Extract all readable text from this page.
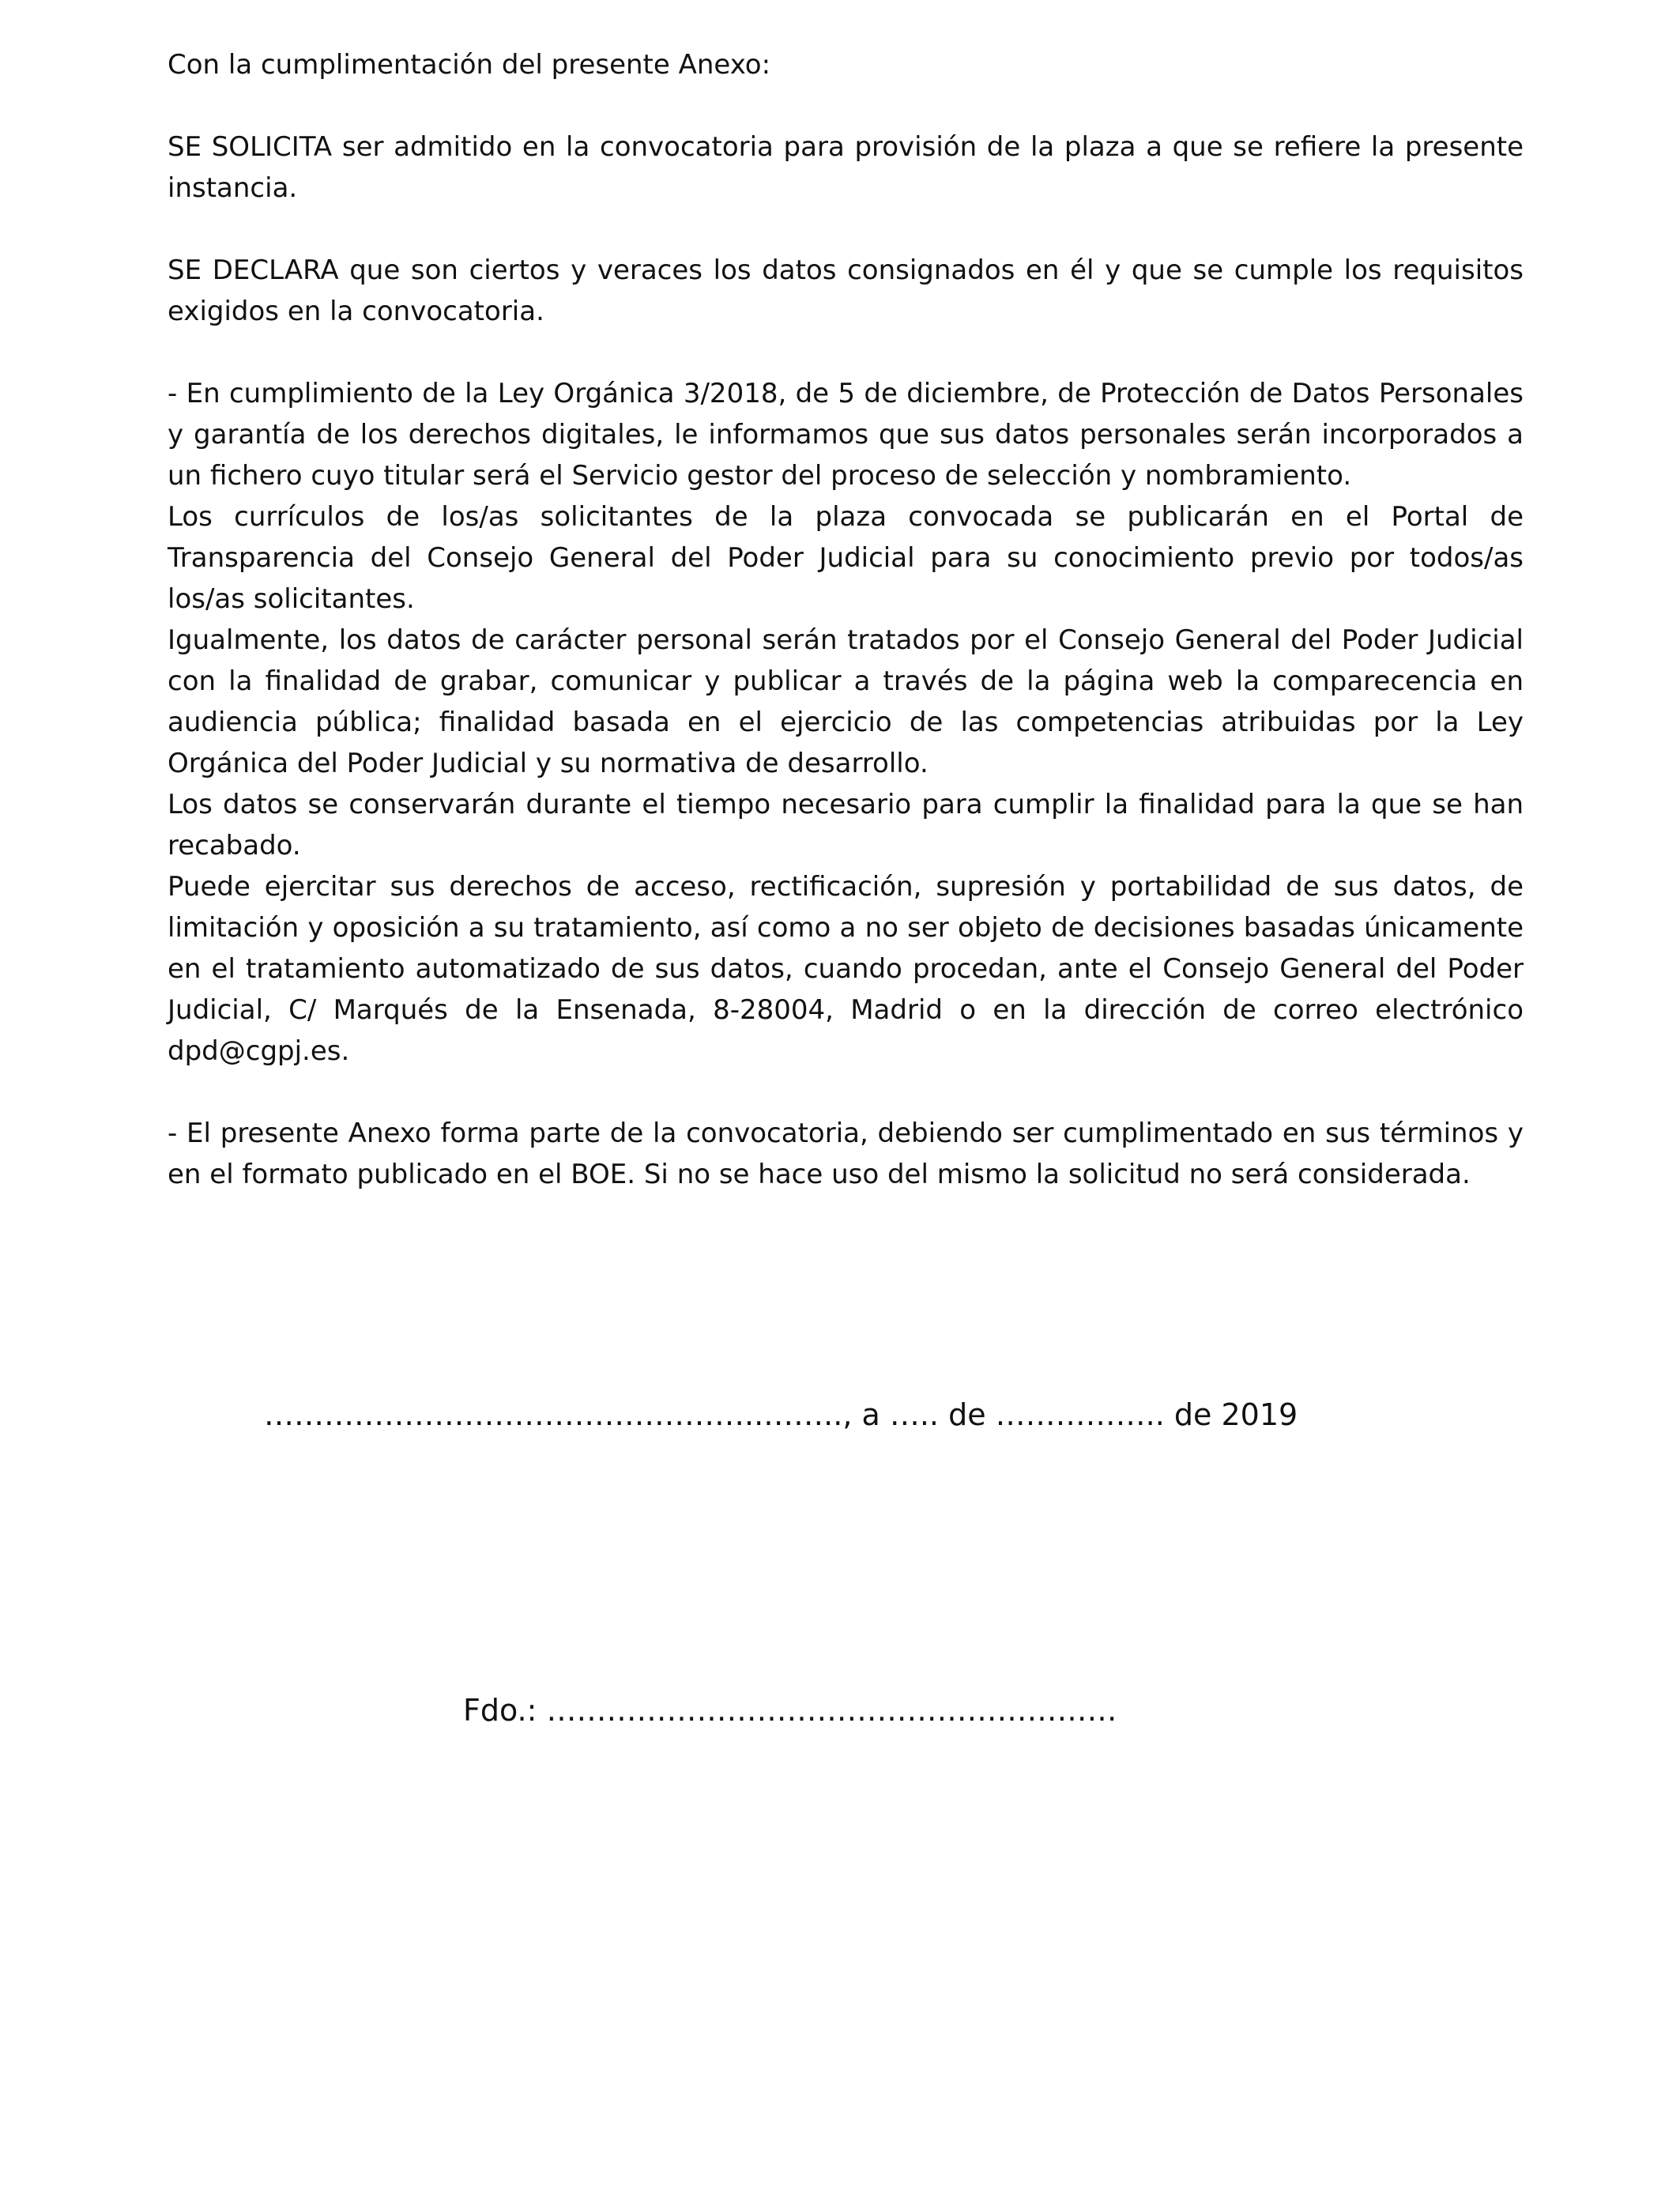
Con la cumplimentación del presente Anexo:

SE SOLICITA ser admitido en la convocatoria para provisión de la plaza a que se refiere la presente instancia.

SE DECLARA que son ciertos y veraces los datos consignados en él y que se cumple los requisitos exigidos en la convocatoria.

- En cumplimiento de la Ley Orgánica 3/2018, de 5 de diciembre, de Protección de Datos Personales y garantía de los derechos digitales, le informamos que sus datos personales serán incorporados a un fichero cuyo titular será el Servicio gestor del proceso de selección y nombramiento.

Los currículos de los/as solicitantes de la plaza convocada se publicarán en el Portal de Transparencia del Consejo General del Poder Judicial para su conocimiento previo por todos/as los/as solicitantes.

Igualmente, los datos de carácter personal serán tratados por el Consejo General del Poder Judicial con la finalidad de grabar, comunicar y publicar a través de la página web la comparecencia en audiencia pública; finalidad basada en el ejercicio de las competencias atribuidas por la Ley Orgánica del Poder Judicial y su normativa de desarrollo.

Los datos se conservarán durante el tiempo necesario para cumplir la finalidad para la que se han recabado.

Puede ejercitar sus derechos de acceso, rectificación, supresión y portabilidad de sus datos, de limitación y oposición a su tratamiento, así como a no ser objeto de decisiones basadas únicamente en el tratamiento automatizado de sus datos, cuando procedan, ante el Consejo General del Poder Judicial, C/ Marqués de la Ensenada, 8-28004, Madrid o en la dirección de correo electrónico dpd@cgpj.es.

- El presente Anexo forma parte de la convocatoria, debiendo ser cumplimentado en sus términos y en el formato publicado en el BOE. Si no se hace uso del mismo la solicitud no será considerada.

…………………………………………..…….., a ….. de …………….. de 2019
Fdo.: …………………………………………………
